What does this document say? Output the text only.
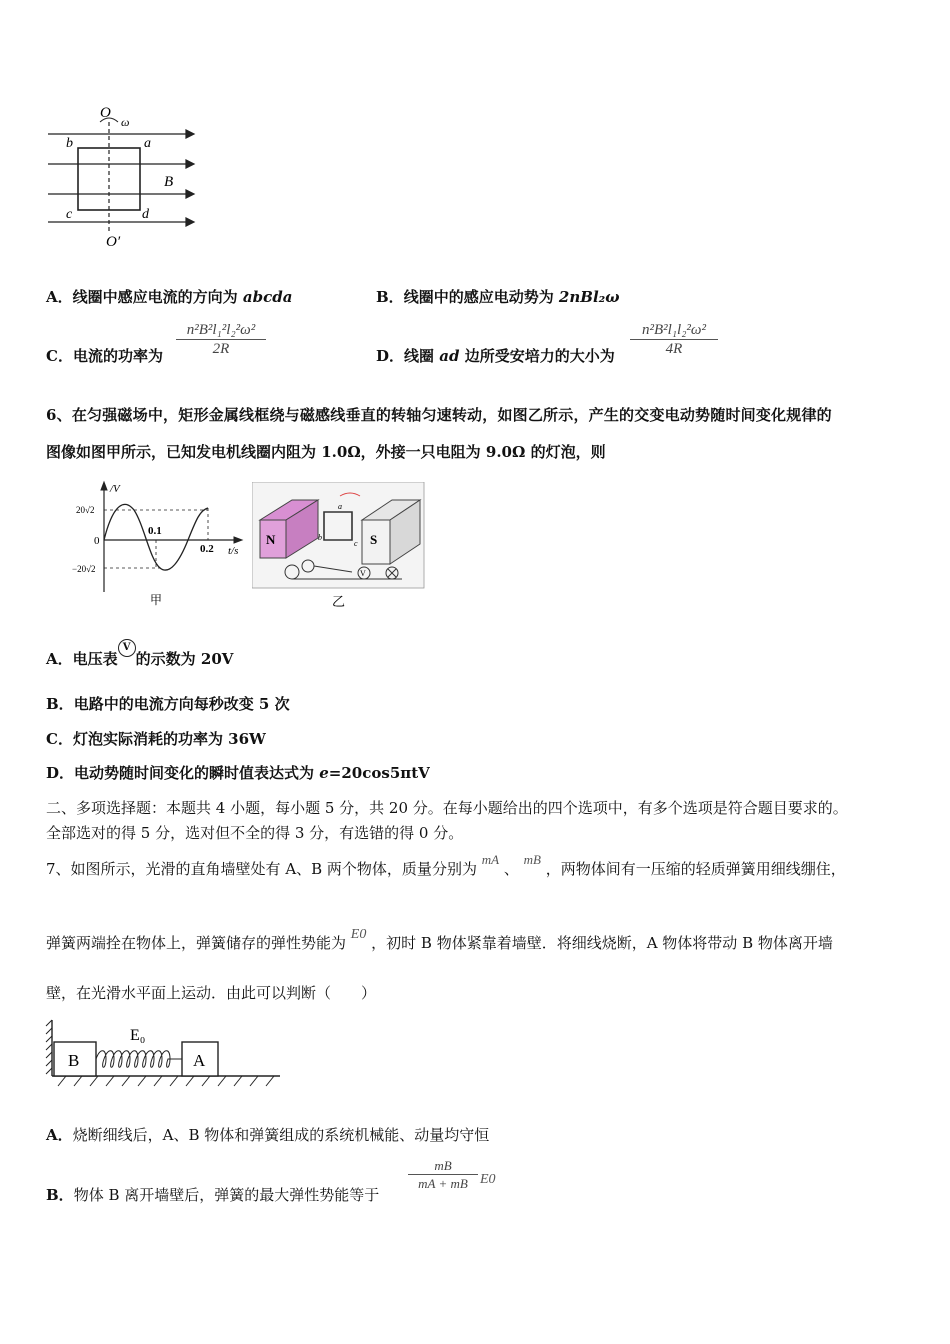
O
ω
b	a
B
c	d
O′
A．线圈中感应电流的方向为 abcda	B．线圈中的感应电动势为 2nBl₂ω
C．电流的功率为 $\frac{\text{n²B²l₁²l₂²ω²}}{2R}$	D．线圈 ad 边所受安培力的大小为 $\frac{\text{n²B²l₁l₂²ω²}}{4R}$
6、在匀强磁场中，矩形金属线框绕与磁感线垂直的转轴匀速转动，如图乙所示，产生的交变电动势随时间变化规律的
图像如图甲所示，已知发电机线圈内阻为 1.0Ω，外接一只电阻为 9.0Ω 的灯泡，则
/V
20√2
0
−20√2
0.1
0.2 t/s
甲
N	S
a
b
c
V
乙
A．电压表V的示数为 20V
B．电路中的电流方向每秒改变 5 次
C．灯泡实际消耗的功率为 36W
D．电动势随时间变化的瞬时值表达式为 e=20cos5πtV
二、多项选择题：本题共 4 小题，每小题 5 分，共 20 分。在每小题给出的四个选项中，有多个选项是符合题目要求的。
全部选对的得 5 分，选对但不全的得 3 分，有选错的得 0 分。
7、如图所示，光滑的直角墙壁处有 A、B 两个物体，质量分别为 mA 、 mB ，两物体间有一压缩的轻质弹簧用细线绷住，
弹簧两端拴在物体上，弹簧储存的弹性势能为 E0 ，初时 B 物体紧靠着墙壁．将细线烧断，A 物体将带动 B 物体离开墙
壁，在光滑水平面上运动．由此可以判断（　　）
B	A
E₀
A．烧断细线后，A、B 物体和弹簧组成的系统机械能、动量均守恒
B．物体 B 离开墙壁后，弹簧的最大弹性势能等于
$\frac{mB}{mA + mB} E0$
